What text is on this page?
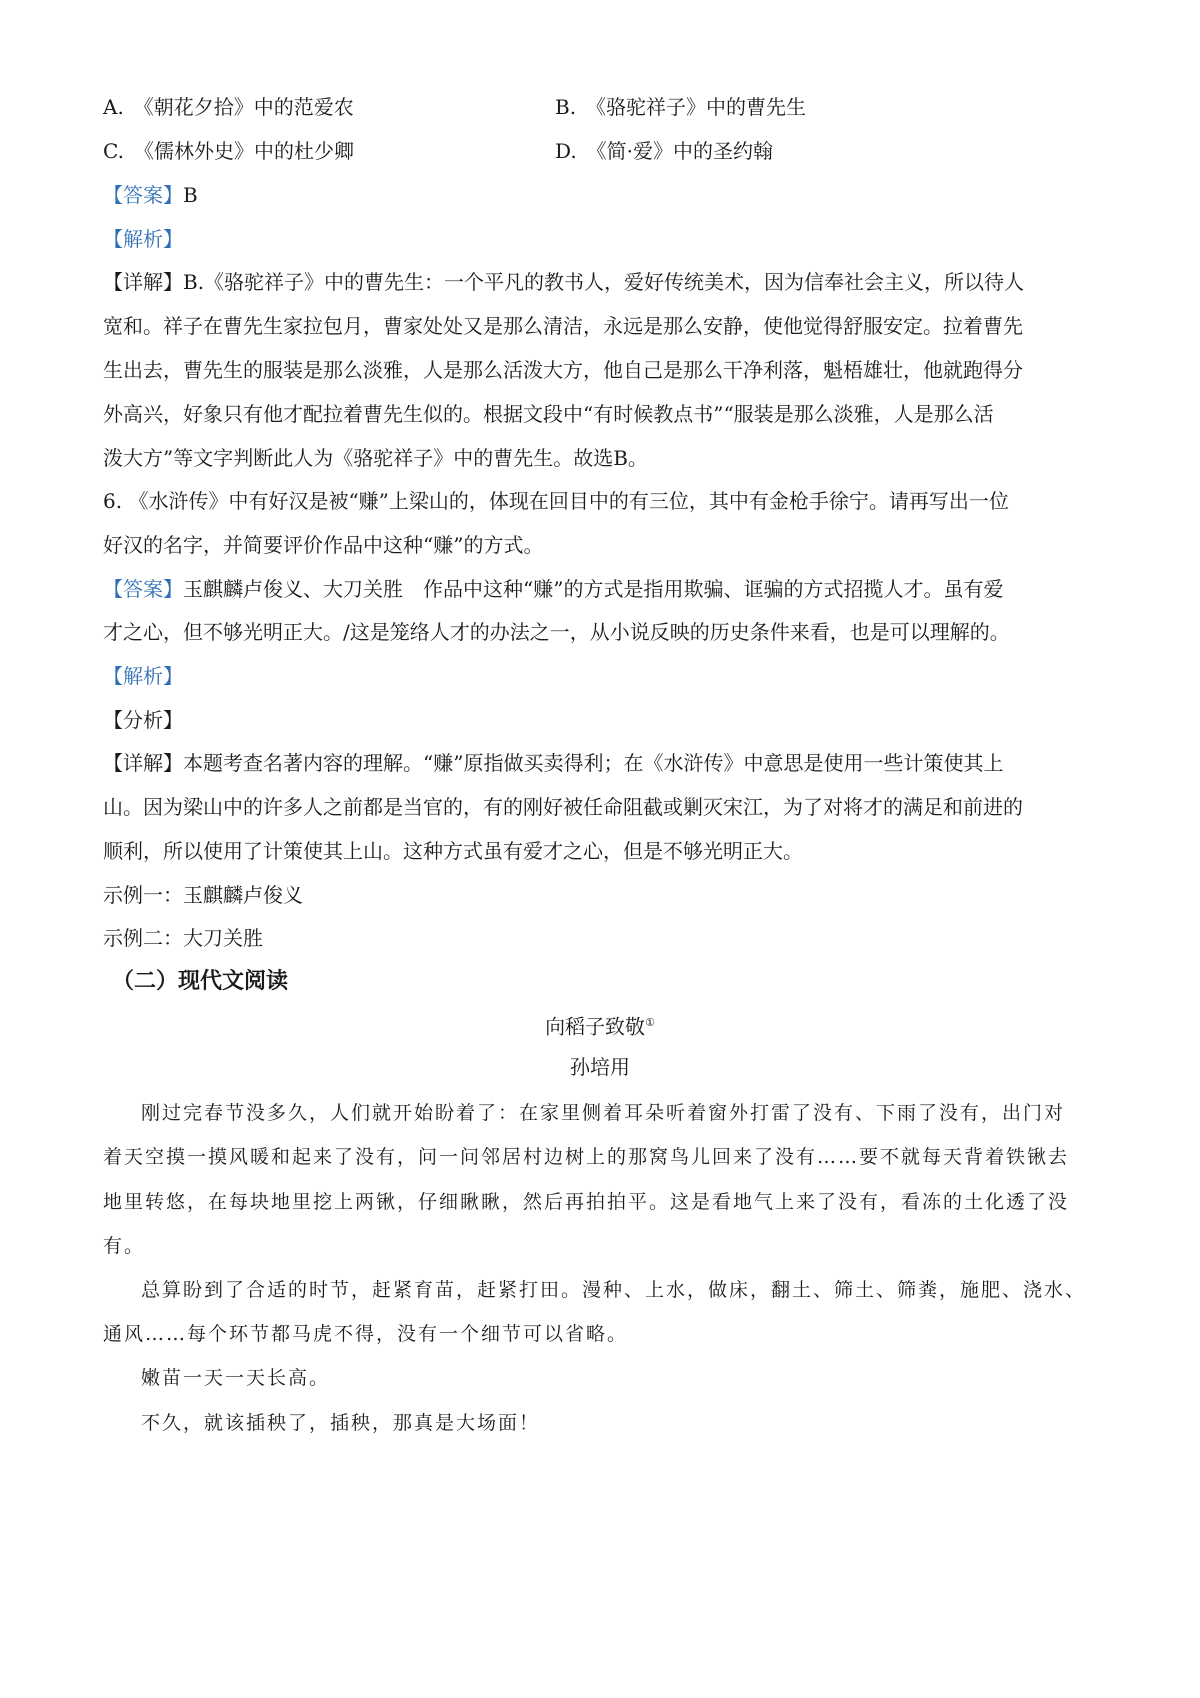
A.　《朝花夕拾》中的范爱农	B.　《骆驼祥子》中的曹先生
C.　《儒林外史》中的杜少卿	D.　《简·爱》中的圣约翰
【答案】B
【解析】
【详解】B.《骆驼祥子》中的曹先生：一个平凡的教书人，爱好传统美术，因为信奉社会主义，所以待人
宽和。祥子在曹先生家拉包月，曹家处处又是那么清洁，永远是那么安静，使他觉得舒服安定。拉着曹先
生出去，曹先生的服装是那么淡雅，人是那么活泼大方，他自己是那么干净利落，魁梧雄壮，他就跑得分
外高兴，好象只有他才配拉着曹先生似的。根据文段中“有时候教点书”“服装是那么淡雅，人是那么活
泼大方”等文字判断此人为《骆驼祥子》中的曹先生。故选B。
6. 《水浒传》中有好汉是被“赚”上梁山的，体现在回目中的有三位，其中有金枪手徐宁。请再写出一位
好汉的名字，并简要评价作品中这种“赚”的方式。
【答案】玉麒麟卢俊义、大刀关胜　作品中这种“赚”的方式是指用欺骗、诓骗的方式招揽人才。虽有爱
才之心，但不够光明正大。/这是笼络人才的办法之一，从小说反映的历史条件来看，也是可以理解的。
【解析】
【分析】
【详解】本题考查名著内容的理解。“赚”原指做买卖得利；在《水浒传》中意思是使用一些计策使其上
山。因为梁山中的许多人之前都是当官的，有的刚好被任命阻截或剿灭宋江，为了对将才的满足和前进的
顺利，所以使用了计策使其上山。这种方式虽有爱才之心，但是不够光明正大。
示例一：玉麒麟卢俊义
示例二：大刀关胜
（二）现代文阅读
向稻子致敬①
孙培用
刚过完春节没多久，人们就开始盼着了：在家里侧着耳朵听着窗外打雷了没有、下雨了没有，出门对
着天空摸一摸风暖和起来了没有，问一问邻居村边树上的那窝鸟儿回来了没有……要不就每天背着铁锹去
地里转悠，在每块地里挖上两锹，仔细瞅瞅，然后再拍拍平。这是看地气上来了没有，看冻的土化透了没
有。
总算盼到了合适的时节，赶紧育苗，赶紧打田。漫种、上水，做床，翻土、筛土、筛粪，施肥、浇水、
通风……每个环节都马虎不得，没有一个细节可以省略。
嫩苗一天一天长高。
不久，就该插秧了，插秧，那真是大场面！
